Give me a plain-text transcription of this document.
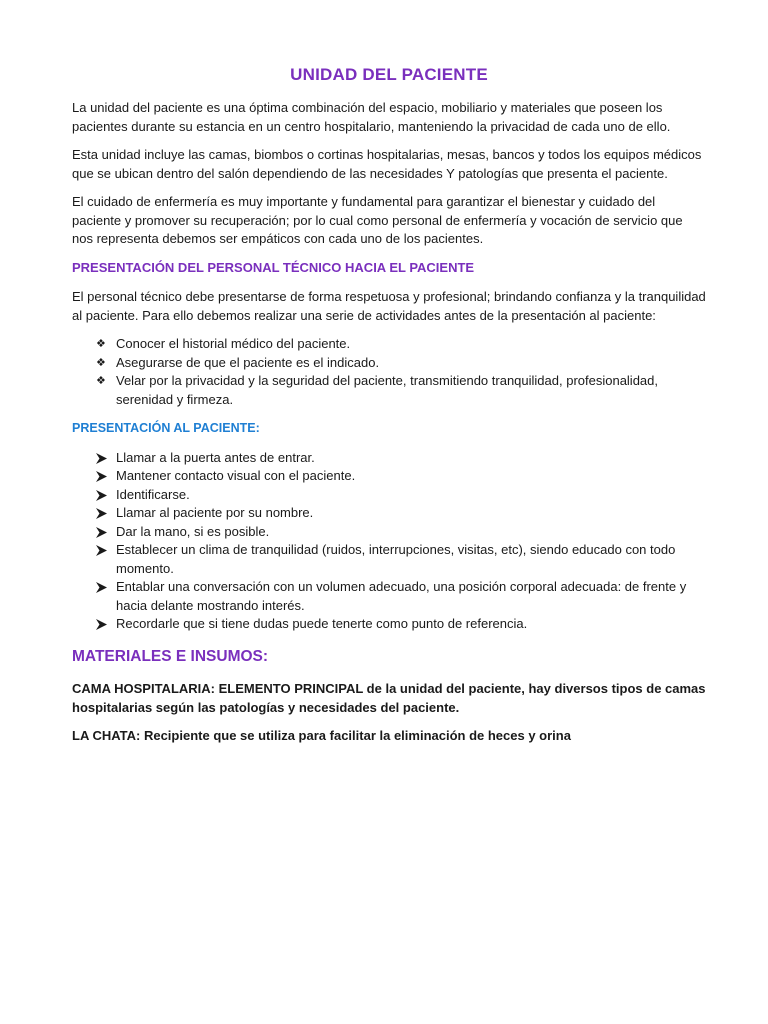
UNIDAD DEL PACIENTE

La unidad del paciente es una óptima combinación del espacio, mobiliario y materiales que poseen los pacientes durante su estancia en un centro hospitalario, manteniendo la privacidad de cada uno de ello.

Esta unidad incluye las camas, biombos o cortinas hospitalarias, mesas, bancos y todos los equipos médicos que se ubican dentro del salón dependiendo de las necesidades Y patologías que presenta el paciente.

El cuidado de enfermería es muy importante y fundamental para garantizar el bienestar y cuidado del paciente y promover su recuperación; por lo cual como personal de enfermería y vocación de servicio que nos representa debemos ser empáticos con cada uno de los pacientes.

PRESENTACIÓN DEL PERSONAL TÉCNICO HACIA EL PACIENTE

El personal técnico debe presentarse de forma respetuosa y profesional; brindando confianza y la tranquilidad al paciente. Para ello debemos realizar una serie de actividades antes de la presentación al paciente:

❖ Conocer el historial médico del paciente.
❖ Asegurarse de que el paciente es el indicado.
❖ Velar por la privacidad y la seguridad del paciente, transmitiendo tranquilidad, profesionalidad, serenidad y firmeza.
PRESENTACIÓN AL PACIENTE:
Llamar a la puerta antes de entrar.
Mantener contacto visual con el paciente.
Identificarse.
Llamar al paciente por su nombre.
Dar la mano, si es posible.
Establecer un clima de tranquilidad (ruidos, interrupciones, visitas, etc), siendo educado con todo momento.
Entablar una conversación con un volumen adecuado, una posición corporal adecuada: de frente y hacia delante mostrando interés.
Recordarle que si tiene dudas puede tenerte como punto de referencia.
MATERIALES E INSUMOS:

CAMA HOSPITALARIA: ELEMENTO PRINCIPAL de la unidad del paciente, hay diversos tipos de camas hospitalarias según las patologías y necesidades del paciente.

LA CHATA: Recipiente que se utiliza para facilitar la eliminación de heces y orina
